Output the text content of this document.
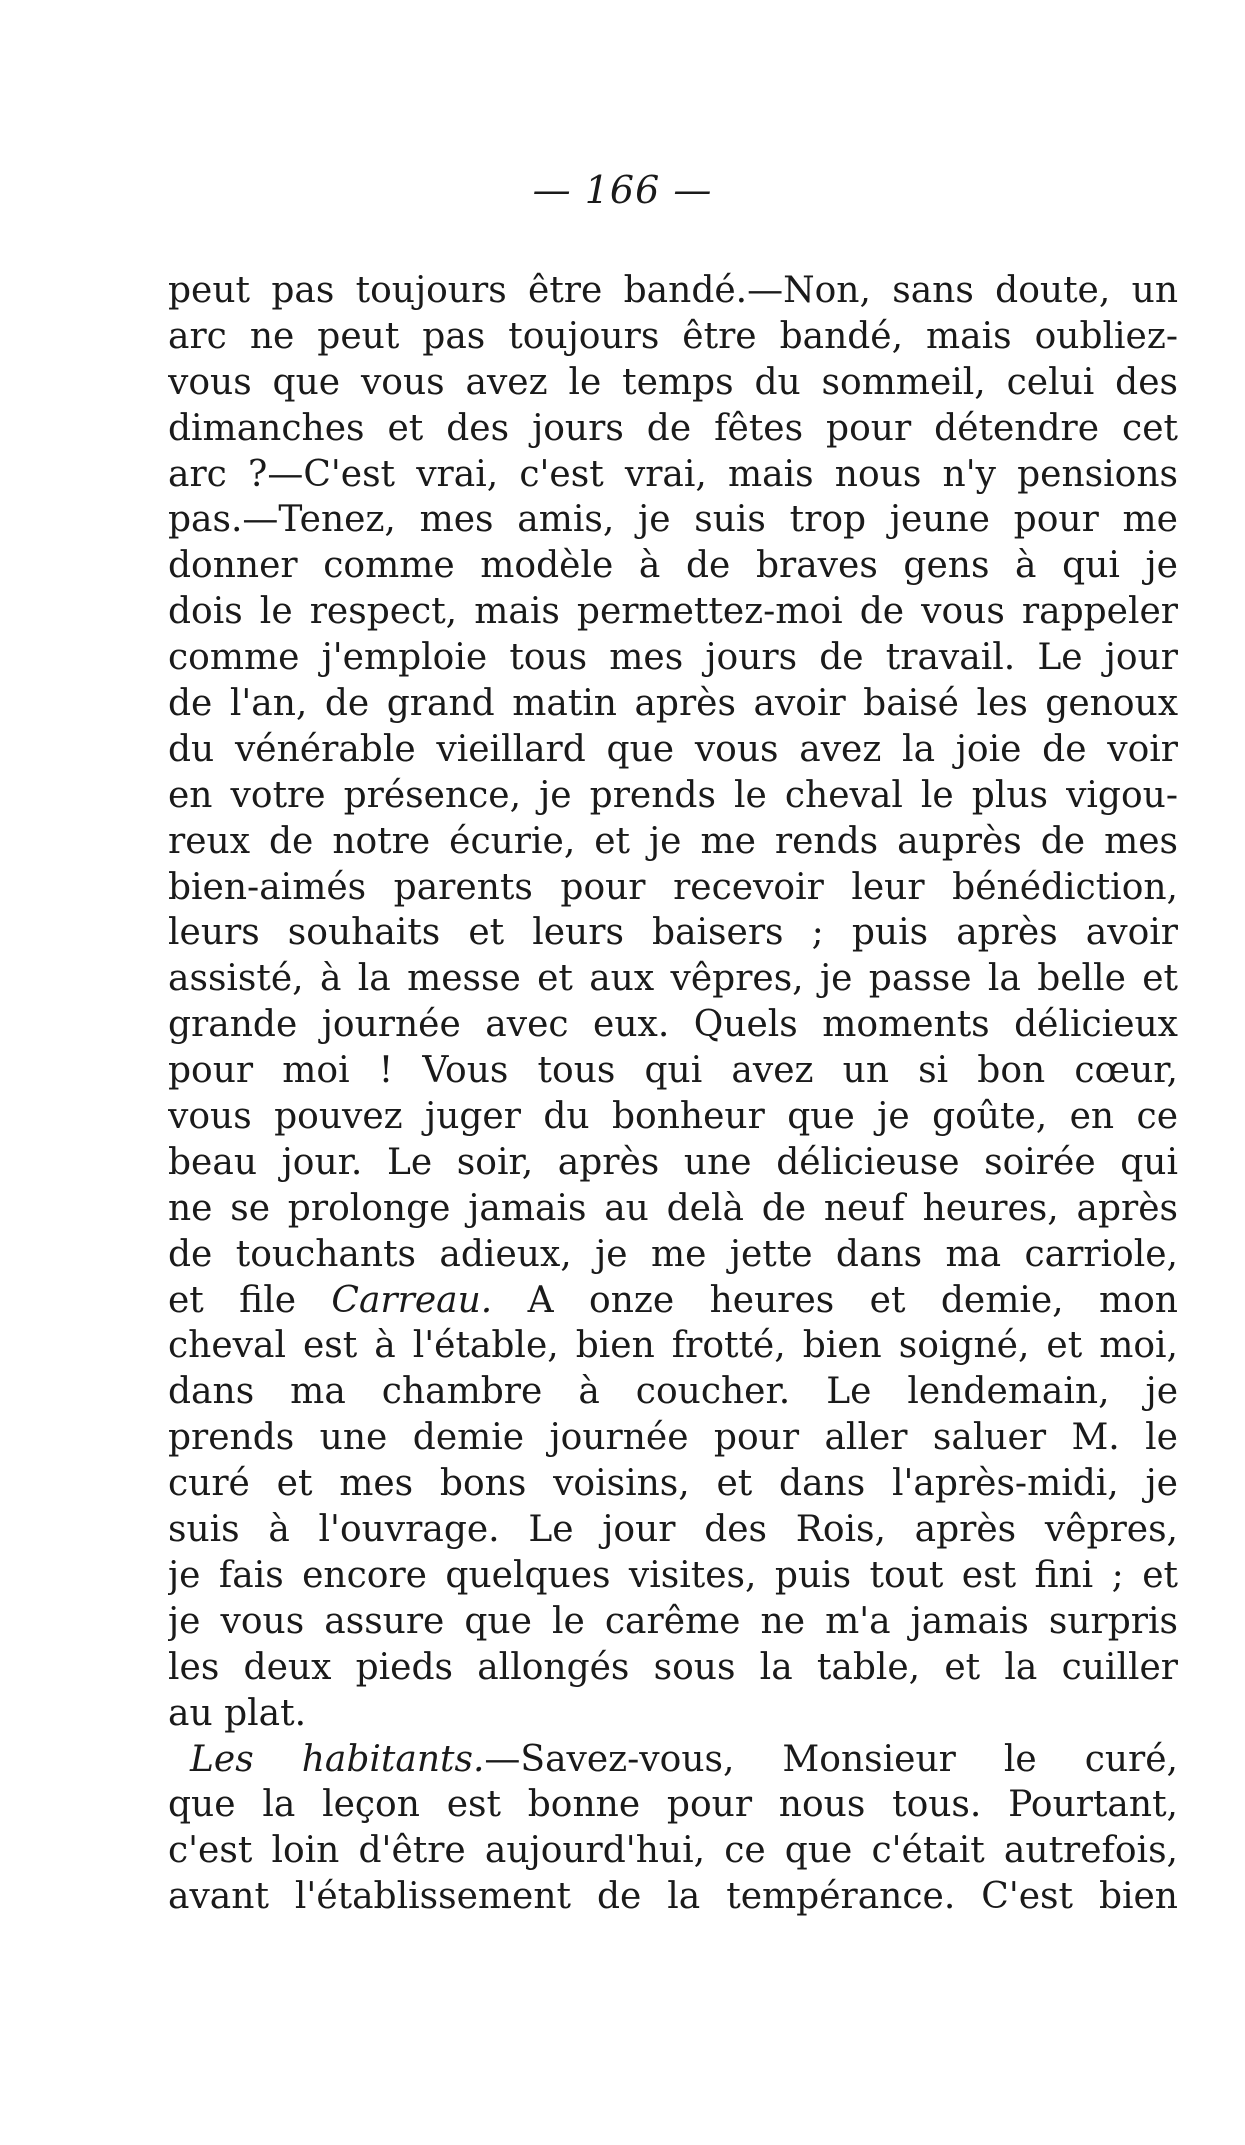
— 166 —
peut pas toujours être bandé.—Non, sans doute, un
arc ne peut pas toujours être bandé, mais oubliez-
vous que vous avez le temps du sommeil, celui des
dimanches et des jours de fêtes pour détendre cet
arc ?—C'est vrai, c'est vrai, mais nous n'y pensions
pas.—Tenez, mes amis, je suis trop jeune pour me
donner comme modèle à de braves gens à qui je
dois le respect, mais permettez-moi de vous rappeler
comme j'emploie tous mes jours de travail. Le jour
de l'an, de grand matin après avoir baisé les genoux
du vénérable vieillard que vous avez la joie de voir
en votre présence, je prends le cheval le plus vigou-
reux de notre écurie, et je me rends auprès de mes
bien-aimés parents pour recevoir leur bénédiction,
leurs souhaits et leurs baisers ; puis après avoir
assisté, à la messe et aux vêpres, je passe la belle et
grande journée avec eux. Quels moments délicieux
pour moi ! Vous tous qui avez un si bon cœur,
vous pouvez juger du bonheur que je goûte, en ce
beau jour. Le soir, après une délicieuse soirée qui
ne se prolonge jamais au delà de neuf heures, après
de touchants adieux, je me jette dans ma carriole,
et file Carreau. A onze heures et demie, mon
cheval est à l'étable, bien frotté, bien soigné, et moi,
dans ma chambre à coucher. Le lendemain, je
prends une demie journée pour aller saluer M. le
curé et mes bons voisins, et dans l'après-midi, je
suis à l'ouvrage. Le jour des Rois, après vêpres,
je fais encore quelques visites, puis tout est fini ; et
je vous assure que le carême ne m'a jamais surpris
les deux pieds allongés sous la table, et la cuiller
au plat.
Les habitants.—Savez-vous, Monsieur le curé,
que la leçon est bonne pour nous tous. Pourtant,
c'est loin d'être aujourd'hui, ce que c'était autrefois,
avant l'établissement de la tempérance. C'est bien
